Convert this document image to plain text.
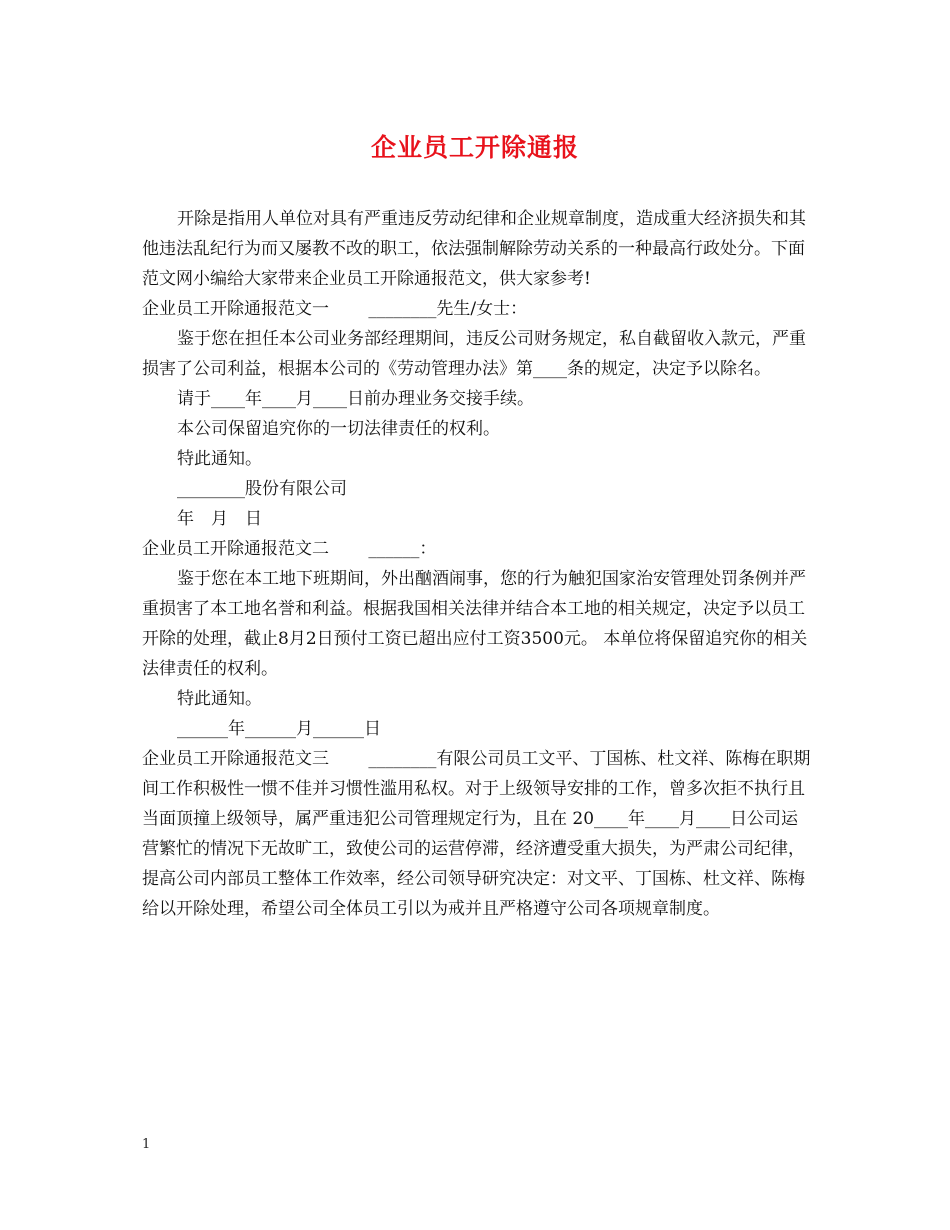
企业员工开除通报

开除是指用人单位对具有严重违反劳动纪律和企业规章制度，造成重大经济损失和其他违法乱纪行为而又屡教不改的职工，依法强制解除劳动关系的一种最高行政处分。下面范文网小编给大家带来企业员工开除通报范文，供大家参考!

企业员工开除通报范文一　　 ________先生/女士：

鉴于您在担任本公司业务部经理期间，违反公司财务规定，私自截留收入款元，严重损害了公司利益，根据本公司的《劳动管理办法》第____条的规定，决定予以除名。

请于____年____月____日前办理业务交接手续。

本公司保留追究你的一切法律责任的权利。

特此通知。

________股份有限公司

年　月　日

企业员工开除通报范文二　　 ______：

鉴于您在本工地下班期间，外出酗酒闹事，您的行为触犯国家治安管理处罚条例并严重损害了本工地名誉和利益。根据我国相关法律并结合本工地的相关规定，决定予以员工开除的处理，截止8月2日预付工资已超出应付工资3500元。 本单位将保留追究你的相关法律责任的权利。

特此通知。

______年______月______日

企业员工开除通报范文三　　 ________有限公司员工文平、丁国栋、杜文祥、陈梅在职期间工作积极性一惯不佳并习惯性滥用私权。对于上级领导安排的工作，曾多次拒不执行且当面顶撞上级领导，属严重违犯公司管理规定行为，且在 20____年____月____日公司运营繁忙的情况下无故旷工，致使公司的运营停滞，经济遭受重大损失，为严肃公司纪律，提高公司内部员工整体工作效率，经公司领导研究决定：对文平、丁国栋、杜文祥、陈梅给以开除处理，希望公司全体员工引以为戒并且严格遵守公司各项规章制度。

1
